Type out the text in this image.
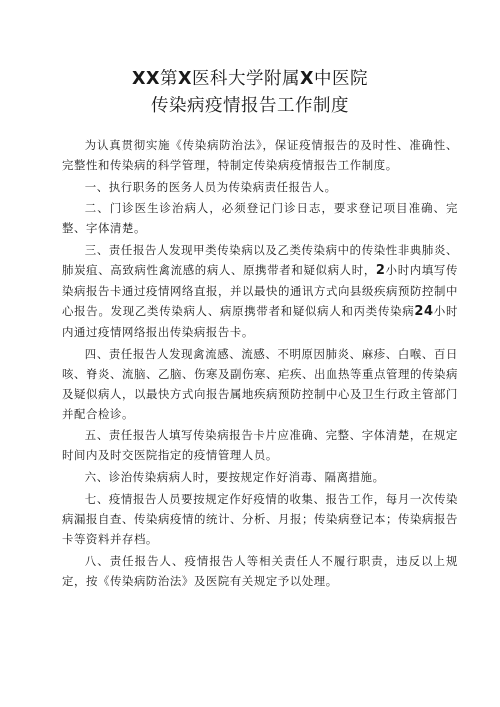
XX第X医科大学附属X中医院
传染病疫情报告工作制度

为认真贯彻实施《传染病防治法》，保证疫情报告的及时性、准确性、完整性和传染病的科学管理，特制定传染病疫情报告工作制度。

一、执行职务的医务人员为传染病责任报告人。

二、门诊医生诊治病人，必须登记门诊日志，要求登记项目准确、完整、字体清楚。

三、责任报告人发现甲类传染病以及乙类传染病中的传染性非典肺炎、肺炭疽、高致病性禽流感的病人、原携带者和疑似病人时，2小时内填写传染病报告卡通过疫情网络直报，并以最快的通讯方式向县级疾病预防控制中心报告。发现乙类传染病人、病原携带者和疑似病人和丙类传染病24小时内通过疫情网络报出传染病报告卡。

四、责任报告人发现禽流感、流感、不明原因肺炎、麻疹、白喉、百日咳、脊炎、流脑、乙脑、伤寒及副伤寒、疟疾、出血热等重点管理的传染病及疑似病人，以最快方式向报告属地疾病预防控制中心及卫生行政主管部门并配合检诊。

五、责任报告人填写传染病报告卡片应准确、完整、字体清楚，在规定时间内及时交医院指定的疫情管理人员。

六、诊治传染病病人时，要按规定作好消毒、隔离措施。

七、疫情报告人员要按规定作好疫情的收集、报告工作，每月一次传染病漏报自查、传染病疫情的统计、分析、月报；传染病登记本；传染病报告卡等资料并存档。

八、责任报告人、疫情报告人等相关责任人不履行职责，违反以上规定，按《传染病防治法》及医院有关规定予以处理。
